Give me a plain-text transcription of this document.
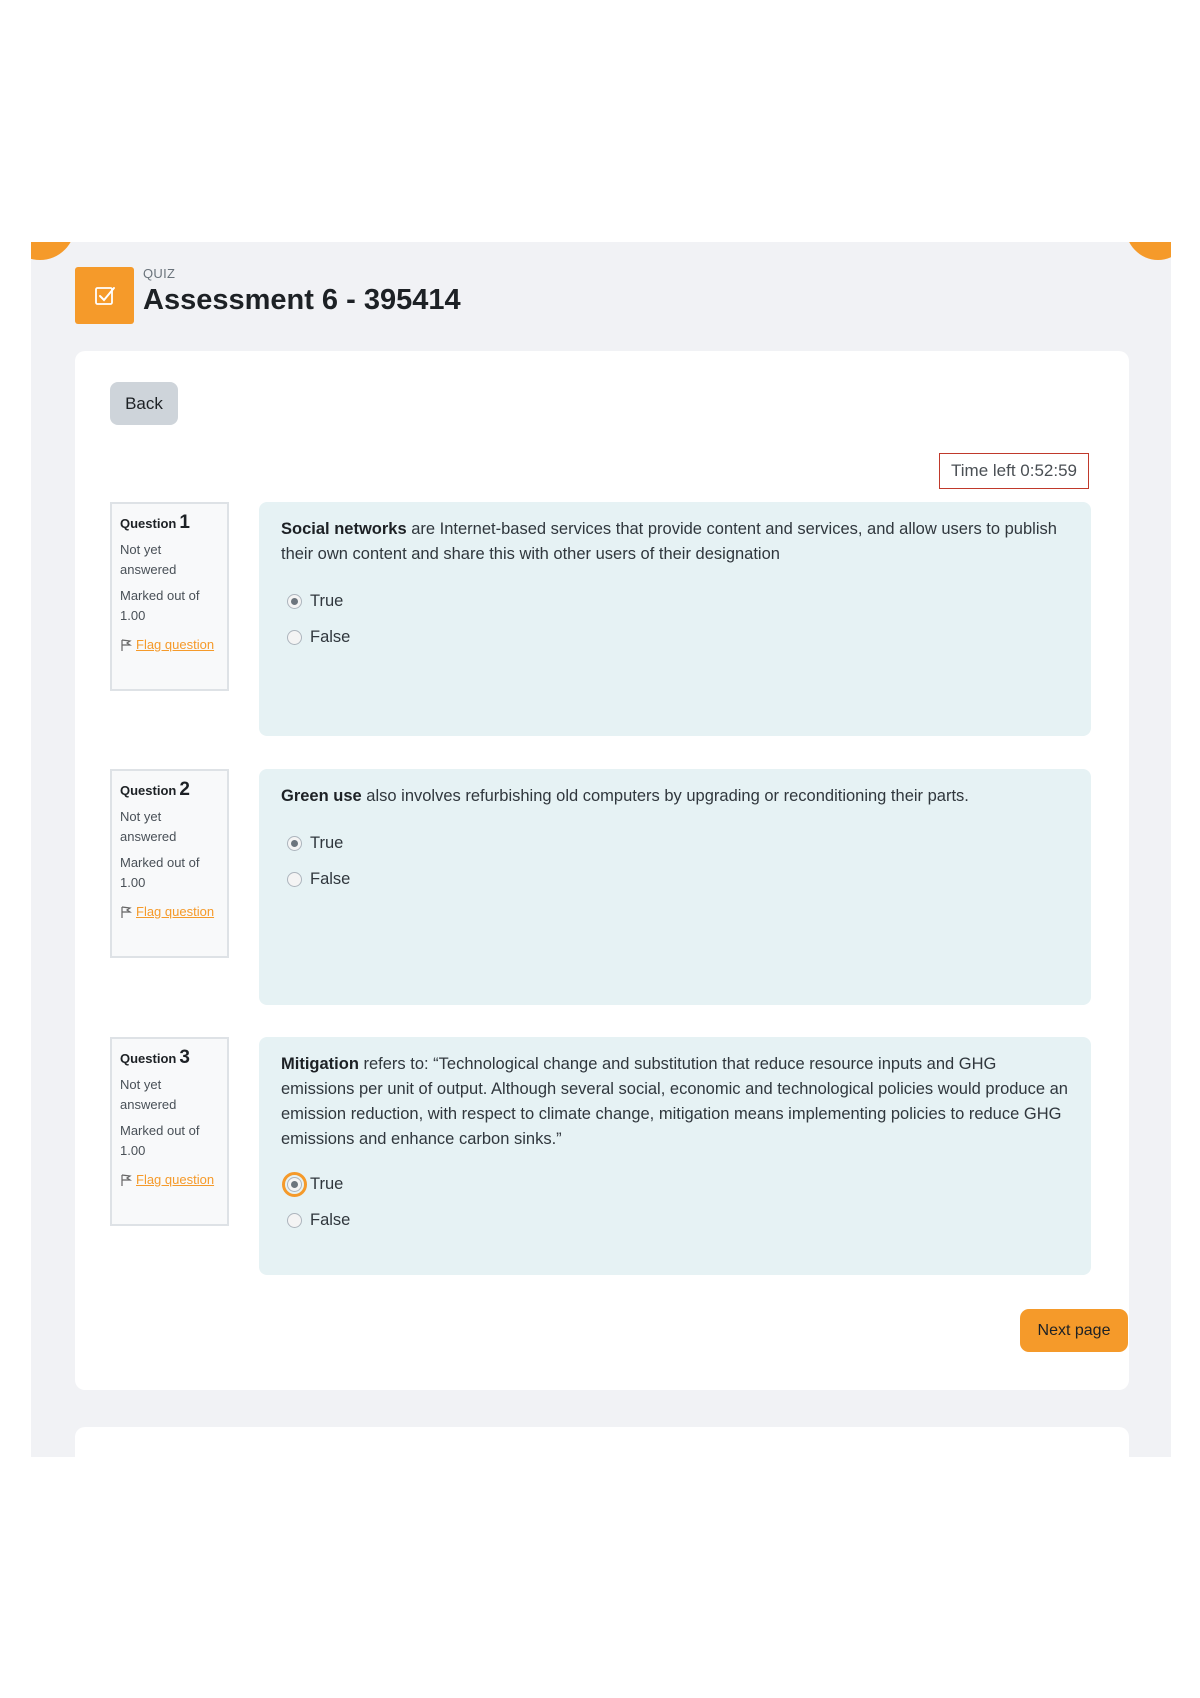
QUIZ
Assessment 6 - 395414
Back
Time left 0:52:59
Question 1
Not yet answered
Marked out of 1.00
Flag question

Social networks are Internet-based services that provide content and services, and allow users to publish their own content and share this with other users of their designation

True
False
Question 2
Not yet answered
Marked out of 1.00
Flag question

Green use also involves refurbishing old computers by upgrading or reconditioning their parts.

True
False
Question 3
Not yet answered
Marked out of 1.00
Flag question

Mitigation refers to: “Technological change and substitution that reduce resource inputs and GHG emissions per unit of output. Although several social, economic and technological policies would produce an emission reduction, with respect to climate change, mitigation means implementing policies to reduce GHG emissions and enhance carbon sinks.”

True
False
Next page
